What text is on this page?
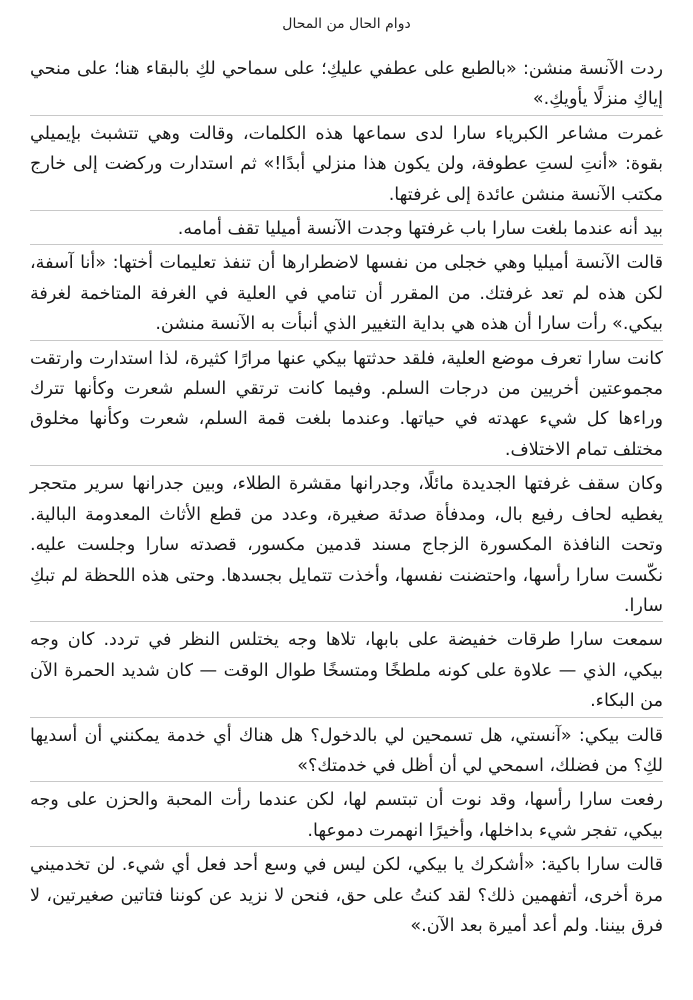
دوام الحال من المحال

ردت الآنسة منشن: «بالطبع على عطفي عليكِ؛ على سماحي لكِ بالبقاء هنا؛ على منحي إياكِ منزلًا يأويكِ.»

غمرت مشاعر الكبرياء سارا لدى سماعها هذه الكلمات، وقالت وهي تتشبث بإيميلي بقوة: «أنتِ لستِ عطوفة، ولن يكون هذا منزلي أبدًا!» ثم استدارت وركضت إلى خارج مكتب الآنسة منشن عائدة إلى غرفتها.

بيد أنه عندما بلغت سارا باب غرفتها وجدت الآنسة أميليا تقف أمامه.

قالت الآنسة أميليا وهي خجلى من نفسها لاضطرارها أن تنفذ تعليمات أختها: «أنا آسفة، لكن هذه لم تعد غرفتك. من المقرر أن تنامي في العلية في الغرفة المتاخمة لغرفة بيكي.» رأت سارا أن هذه هي بداية التغيير الذي أنبأت به الآنسة منشن.

كانت سارا تعرف موضع العلية، فلقد حدثتها بيكي عنها مرارًا كثيرة، لذا استدارت وارتقت مجموعتين أخريين من درجات السلم. وفيما كانت ترتقي السلم شعرت وكأنها تترك وراءها كل شيء عهدته في حياتها. وعندما بلغت قمة السلم، شعرت وكأنها مخلوق مختلف تمام الاختلاف.

وكان سقف غرفتها الجديدة مائلًا، وجدرانها مقشرة الطلاء، وبين جدرانها سرير متحجر يغطيه لحاف رفيع بال، ومدفأة صدئة صغيرة، وعدد من قطع الأثاث المعدومة البالية. وتحت النافذة المكسورة الزجاج مسند قدمين مكسور، قصدته سارا وجلست عليه. نكّست سارا رأسها، واحتضنت نفسها، وأخذت تتمايل بجسدها. وحتى هذه اللحظة لم تبكِ سارا.

سمعت سارا طرقات خفيضة على بابها، تلاها وجه يختلس النظر في تردد. كان وجه بيكي، الذي — علاوة على كونه ملطخًا ومتسخًا طوال الوقت — كان شديد الحمرة الآن من البكاء.

قالت بيكي: «آنستي، هل تسمحين لي بالدخول؟ هل هناك أي خدمة يمكنني أن أسديها لكِ؟ من فضلك، اسمحي لي أن أظل في خدمتك؟»

رفعت سارا رأسها، وقد نوت أن تبتسم لها، لكن عندما رأت المحبة والحزن على وجه بيكي، تفجر شيء بداخلها، وأخيرًا انهمرت دموعها.

قالت سارا باكية: «أشكرك يا بيكي، لكن ليس في وسع أحد فعل أي شيء. لن تخدميني مرة أخرى، أتفهمين ذلك؟ لقد كنتُ على حق، فنحن لا نزيد عن كوننا فتاتين صغيرتين، لا فرق بيننا. ولم أعد أميرة بعد الآن.»
